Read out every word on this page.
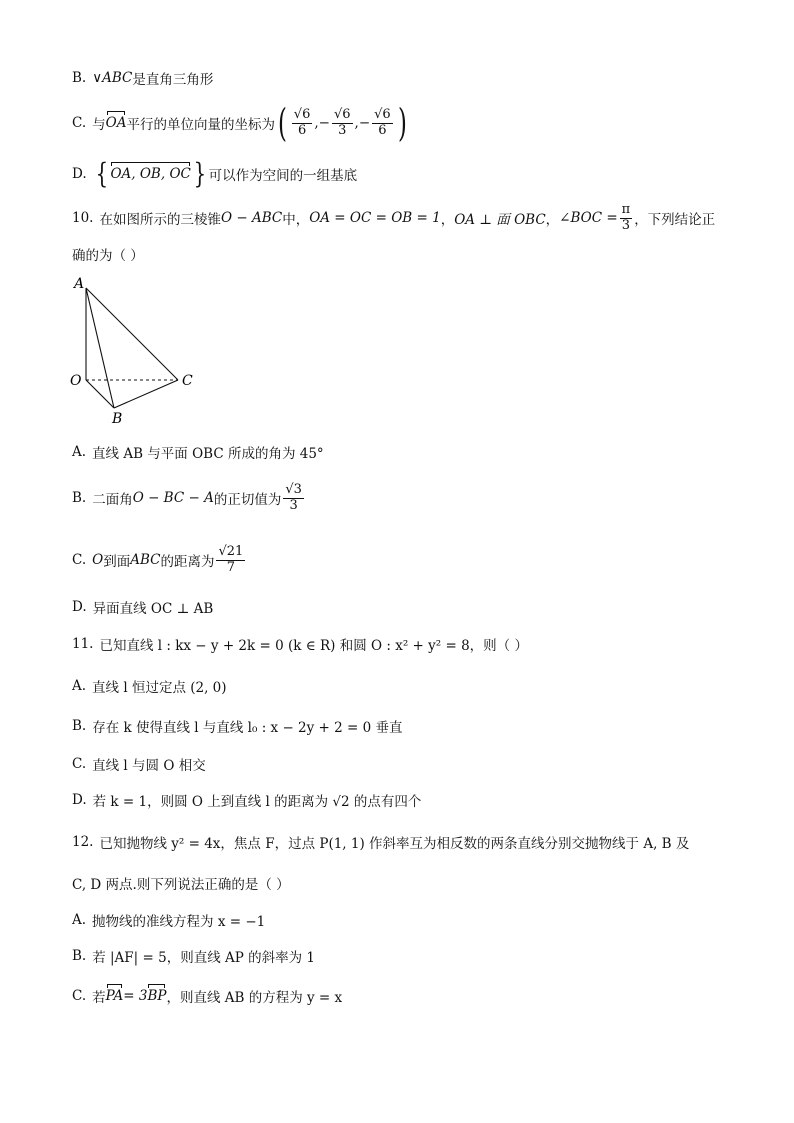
B. ∨ABC 是直角三角形
C. 与 OA 平行的单位向量的坐标为 ( $\frac{√6}{6}$ ,− $\frac{√6}{3}$ ,− $\frac{√6}{6}$ )
D. { OA, OB, OC } 可以作为空间的一组基底
10. 在如图所示的三棱锥 O − ABC 中， OA = OC = OB = 1 ， OA ⊥ 面 OBC ， ∠BOC = $\frac{\pi}{3}$ ，下列结论正
确的为（ ）
A
O	C
B
A. 直线 AB 与平面 OBC 所成的角为 45°
B. 二面角 O − BC − A 的正切值为 $\frac{√3}{3}$
C. O 到面 ABC 的距离为 $\frac{√21}{7}$
D. 异面直线 OC ⊥ AB
11. 已知直线 l : kx − y + 2k = 0 (k ∈ R) 和圆 O : x² + y² = 8，则（ ）
A. 直线 l 恒过定点 (2, 0)
B. 存在 k 使得直线 l 与直线 l₀ : x − 2y + 2 = 0 垂直
C. 直线 l 与圆 O 相交
D. 若 k = 1，则圆 O 上到直线 l 的距离为 √2 的点有四个
12. 已知抛物线 y² = 4x，焦点 F，过点 P(1, 1) 作斜率互为相反数的两条直线分别交抛物线于 A, B 及
C, D 两点.则下列说法正确的是（ ）
A. 抛物线的准线方程为 x = −1
B. 若 |AF| = 5，则直线 AP 的斜率为 1
C. 若 PA = 3 BP ，则直线 AB 的方程为 y = x
